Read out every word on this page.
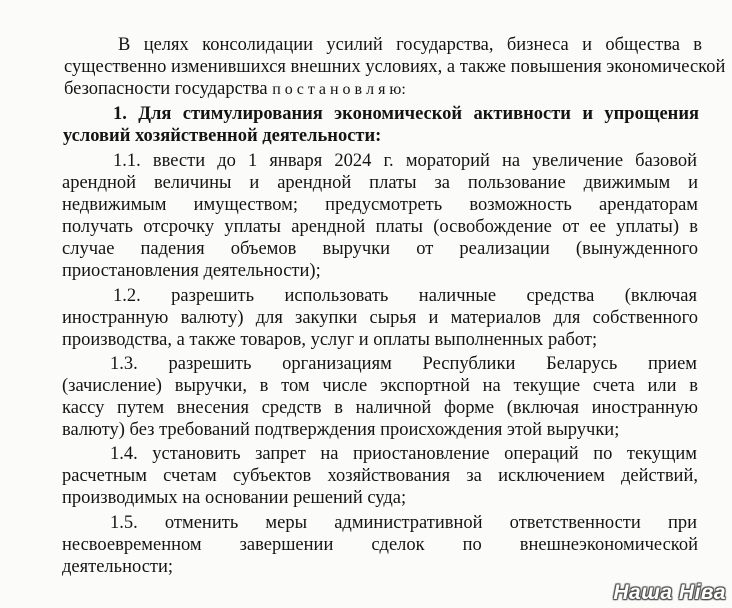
В целях консолидации усилий государства, бизнеса и общества в

существенно изменившихся внешних условиях, а также повышения экономической

безопасности государства п о с т а н о в л я ю:

1. Для стимулирования экономической активности и упрощения

условий хозяйственной деятельности:

1.1. ввести до 1 января 2024 г. мораторий на увеличение базовой

арендной величины и арендной платы за пользование движимым и

недвижимым имуществом; предусмотреть возможность арендаторам

получать отсрочку уплаты арендной платы (освобождение от ее уплаты) в

случае падения объемов выручки от реализации (вынужденного

приостановления деятельности);

1.2. разрешить использовать наличные средства (включая

иностранную валюту) для закупки сырья и материалов для собственного

производства, а также товаров, услуг и оплаты выполненных работ;

1.3. разрешить организациям Республики Беларусь прием

(зачисление) выручки, в том числе экспортной на текущие счета или в

кассу путем внесения средств в наличной форме (включая иностранную

валюту) без требований подтверждения происхождения этой выручки;

1.4. установить запрет на приостановление операций по текущим

расчетным счетам субъектов хозяйствования за исключением действий,

производимых на основании решений суда;

1.5. отменить меры административной ответственности при

несвоевременном завершении сделок по внешнеэкономической

деятельности;

Наша Ніва
